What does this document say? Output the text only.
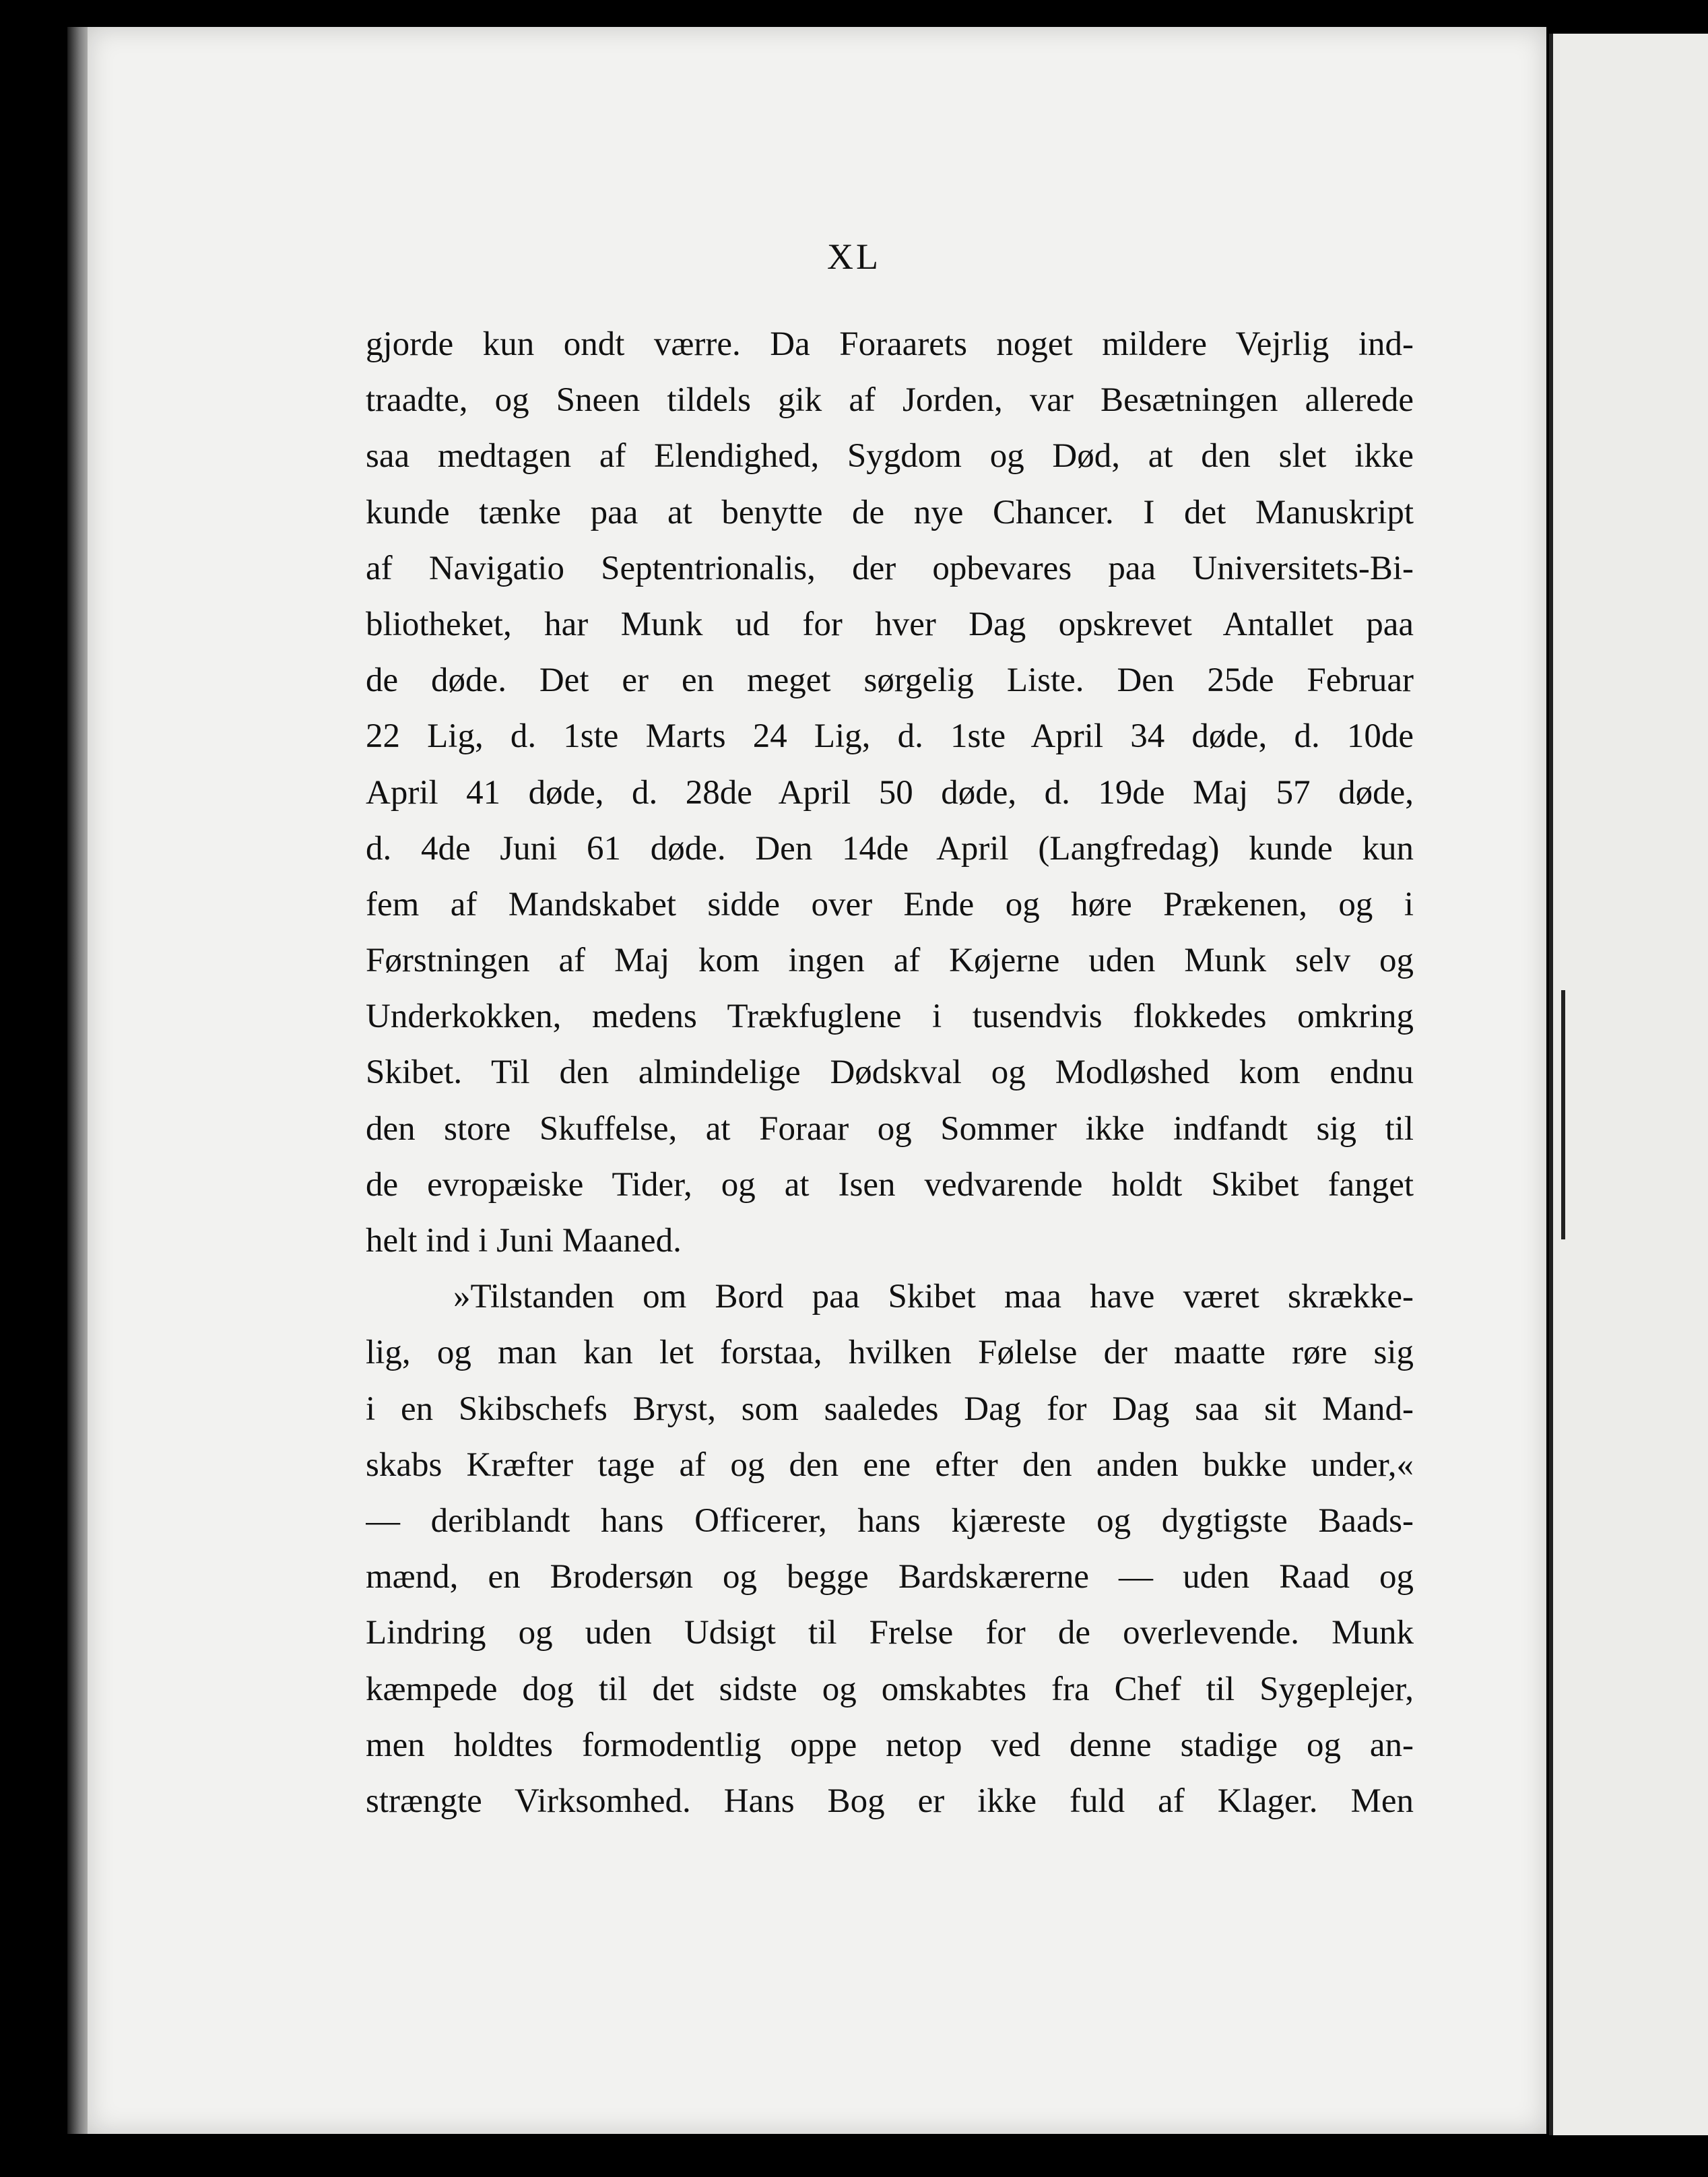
XL
gjorde kun ondt værre. Da Foraarets noget mildere Vejrlig ind-
traadte, og Sneen tildels gik af Jorden, var Besætningen allerede
saa medtagen af Elendighed, Sygdom og Død, at den slet ikke
kunde tænke paa at benytte de nye Chancer. I det Manuskript
af Navigatio Septentrionalis, der opbevares paa Universitets-Bi-
bliotheket, har Munk ud for hver Dag opskrevet Antallet paa
de døde. Det er en meget sørgelig Liste. Den 25de Februar
22 Lig, d. 1ste Marts 24 Lig, d. 1ste April 34 døde, d. 10de
April 41 døde, d. 28de April 50 døde, d. 19de Maj 57 døde,
d. 4de Juni 61 døde. Den 14de April (Langfredag) kunde kun
fem af Mandskabet sidde over Ende og høre Prækenen, og i
Førstningen af Maj kom ingen af Køjerne uden Munk selv og
Underkokken, medens Trækfuglene i tusendvis flokkedes omkring
Skibet. Til den almindelige Dødskval og Modløshed kom endnu
den store Skuffelse, at Foraar og Sommer ikke indfandt sig til
de evropæiske Tider, og at Isen vedvarende holdt Skibet fanget
helt ind i Juni Maaned.
»Tilstanden om Bord paa Skibet maa have været skrække-
lig, og man kan let forstaa, hvilken Følelse der maatte røre sig
i en Skibschefs Bryst, som saaledes Dag for Dag saa sit Mand-
skabs Kræfter tage af og den ene efter den anden bukke under,«
— deriblandt hans Officerer, hans kjæreste og dygtigste Baads-
mænd, en Brodersøn og begge Bardskærerne — uden Raad og
Lindring og uden Udsigt til Frelse for de overlevende. Munk
kæmpede dog til det sidste og omskabtes fra Chef til Sygeplejer,
men holdtes formodentlig oppe netop ved denne stadige og an-
strængte Virksomhed. Hans Bog er ikke fuld af Klager. Men
